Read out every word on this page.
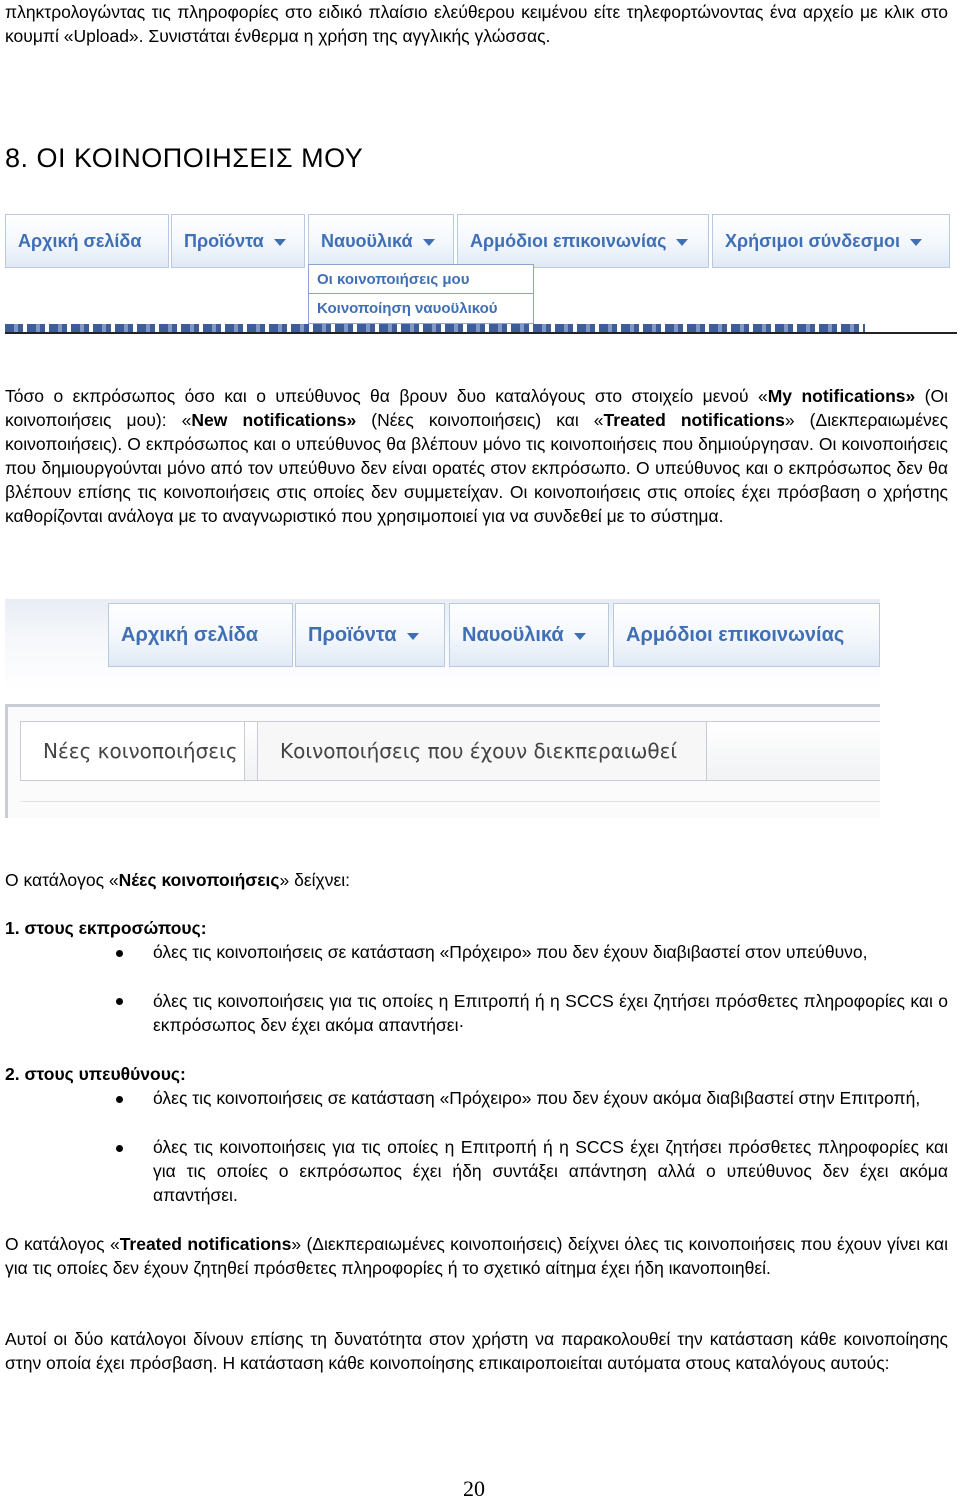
πληκτρολογώντας τις πληροφορίες στο ειδικό πλαίσιο ελεύθερου κειμένου είτε τηλεφορτώνοντας ένα αρχείο με κλικ στο κουμπί «Upload». Συνιστάται ένθερμα η χρήση της αγγλικής γλώσσας.

8. ΟΙ ΚΟΙΝΟΠΟΙΗΣΕΙΣ ΜΟΥ
Αρχική σελίδα Προϊόντα	Ναυοϋλικά	Αρμόδιοι επικοινωνίας	Χρήσιμοι σύνδεσμοι
Οι κοινοποιήσεις μου
Κοινοποίηση ναυοϋλικού

Τόσο ο εκπρόσωπος όσο και ο υπεύθυνος θα βρουν δυο καταλόγους στο στοιχείο μενού «My notifications» (Οι κοινοποιήσεις μου): «New notifications» (Νέες κοινοποιήσεις) και «Treated notifications» (Διεκπεραιωμένες κοινοποιήσεις). Ο εκπρόσωπος και ο υπεύθυνος θα βλέπουν μόνο τις κοινοποιήσεις που δημιούργησαν. Οι κοινοποιήσεις που δημιουργούνται μόνο από τον υπεύθυνο δεν είναι ορατές στον εκπρόσωπο. Ο υπεύθυνος και ο εκπρόσωπος δεν θα βλέπουν επίσης τις κοινοποιήσεις στις οποίες δεν συμμετείχαν. Οι κοινοποιήσεις στις οποίες έχει πρόσβαση ο χρήστης καθορίζονται ανάλογα με το αναγνωριστικό που χρησιμοποιεί για να συνδεθεί με το σύστημα.

Αρχική σελίδα Προϊόντα	Ναυοϋλικά	Αρμόδιοι επικοινωνίας
Νέες κοινοποιήσεις	Κοινοποιήσεις που έχουν διεκπεραιωθεί

Ο κατάλογος «Νέες κοινοποιήσεις» δείχνει:

1. στους εκπροσώπους:

όλες τις κοινοποιήσεις σε κατάσταση «Πρόχειρο» που δεν έχουν διαβιβαστεί στον υπεύθυνο,

όλες τις κοινοποιήσεις για τις οποίες η Επιτροπή ή η SCCS έχει ζητήσει πρόσθετες πληροφορίες και ο εκπρόσωπος δεν έχει ακόμα απαντήσει·

2. στους υπευθύνους:

όλες τις κοινοποιήσεις σε κατάσταση «Πρόχειρο» που δεν έχουν ακόμα διαβιβαστεί στην Επιτροπή,

όλες τις κοινοποιήσεις για τις οποίες η Επιτροπή ή η SCCS έχει ζητήσει πρόσθετες πληροφορίες και για τις οποίες ο εκπρόσωπος έχει ήδη συντάξει απάντηση αλλά ο υπεύθυνος δεν έχει ακόμα απαντήσει.

Ο κατάλογος «Treated notifications» (Διεκπεραιωμένες κοινοποιήσεις) δείχνει όλες τις κοινοποιήσεις που έχουν γίνει και για τις οποίες δεν έχουν ζητηθεί πρόσθετες πληροφορίες ή το σχετικό αίτημα έχει ήδη ικανοποιηθεί.

Αυτοί οι δύο κατάλογοι δίνουν επίσης τη δυνατότητα στον χρήστη να παρακολουθεί την κατάσταση κάθε κοινοποίησης στην οποία έχει πρόσβαση. Η κατάσταση κάθε κοινοποίησης επικαιροποιείται αυτόματα στους καταλόγους αυτούς:

20
